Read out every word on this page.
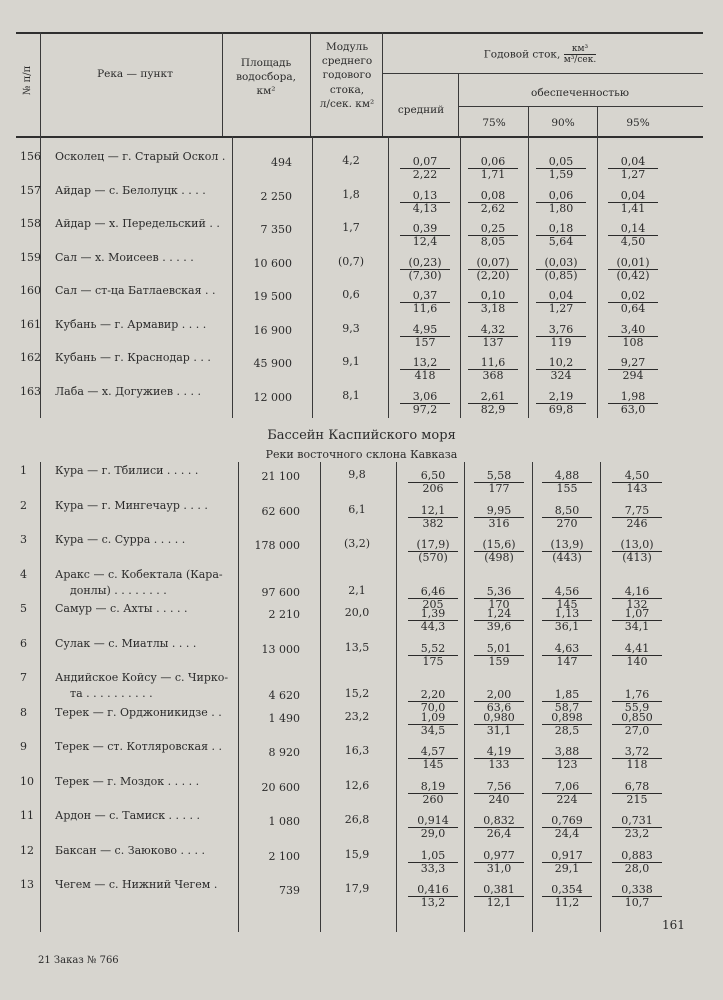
№ п/п	Река — пункт
Площадь
водосбора,
км²
Модуль
среднего
годового
стока,
л/сек. км²
Годовой сток,	км³
м³/сек.
средний
обеспеченностью
75%	90%	95%
156 Осколец — г. Старый Оскол .	494	4,2	$\frac{0,07}{2,22} \frac{0,06}{1,71} \frac{0,05}{1,59} \frac{0,04}{1,27}$
157 Айдар — с. Белолуцк . . . .	2 250	1,8	$\frac{0,13}{4,13} \frac{0,08}{2,62} \frac{0,06}{1,80} \frac{0,04}{1,41}$
158 Айдар — х. Передельский . .	7 350	1,7	$\frac{0,39}{12,4} \frac{0,25}{8,05} \frac{0,18}{5,64} \frac{0,14}{4,50}$
159 Сал — х. Моисеев . . . . .	10 600	(0,7)	$\frac{(0,23)}{(7,30)} \frac{(0,07)}{(2,20)} \frac{(0,03)}{(0,85)} \frac{(0,01)}{(0,42)}$
160 Сал — ст-ца Батлаевская . .	19 500	0,6	$\frac{0,37}{11,6} \frac{0,10}{3,18} \frac{0,04}{1,27} \frac{0,02}{0,64}$
161 Кубань — г. Армавир . . . .	16 900	9,3	$\frac{4,95}{157} \frac{4,32}{137} \frac{3,76}{119} \frac{3,40}{108}$
162 Кубань — г. Краснодар . . .	45 900	9,1	$\frac{13,2}{418} \frac{11,6}{368} \frac{10,2}{324} \frac{9,27}{294}$
163 Лаба — х. Догужиев . . . .	12 000	8,1	$\frac{3,06}{97,2} \frac{2,61}{82,9} \frac{2,19}{69,8} \frac{1,98}{63,0}$
Бассейн Каспийского моря
Реки восточного склона Кавказа
1	Кура — г. Тбилиси . . . . .	21 100	9,8	$\frac{6,50}{206} \frac{5,58}{177} \frac{4,88}{155} \frac{4,50}{143}$
2	Кура — г. Мингечаур . . . .	62 600	6,1	$\frac{12,1}{382} \frac{9,95}{316} \frac{8,50}{270} \frac{7,75}{246}$
3	Кура — с. Сурра . . . . .	178 000	(3,2)	$\frac{(17,9)}{(570)} \frac{(15,6)}{(498)} \frac{(13,9)}{(443)} \frac{(13,0)}{(413)}$
4	Аракс — с. Кобектала (Кара-
донлы) . . . . . . . .	97 600	2,1	$\frac{6,46}{205} \frac{5,36}{170} \frac{4,56}{145} \frac{4,16}{132}$
5	Самур — с. Ахты . . . . .	2 210	20,0	$\frac{1,39}{44,3} \frac{1,24}{39,6} \frac{1,13}{36,1} \frac{1,07}{34,1}$
6	Сулак — с. Миатлы . . . .	13 000	13,5	$\frac{5,52}{175} \frac{5,01}{159} \frac{4,63}{147} \frac{4,41}{140}$
7	Андийское Койсу — с. Чирко-
та . . . . . . . . . .	4 620	15,2	$\frac{2,20}{70,0} \frac{2,00}{63,6} \frac{1,85}{58,7} \frac{1,76}{55,9}$
8	Терек — г. Орджоникидзе . .	1 490	23,2	$\frac{1,09}{34,5} \frac{0,980}{31,1} \frac{0,898}{28,5} \frac{0,850}{27,0}$
9	Терек — ст. Котляровская . .	8 920	16,3	$\frac{4,57}{145} \frac{4,19}{133} \frac{3,88}{123} \frac{3,72}{118}$
10	Терек — г. Моздок . . . . .	20 600	12,6	$\frac{8,19}{260} \frac{7,56}{240} \frac{7,06}{224} \frac{6,78}{215}$
11	Ардон — с. Тамиск . . . . .	1 080	26,8	$\frac{0,914}{29,0} \frac{0,832}{26,4} \frac{0,769}{24,4} \frac{0,731}{23,2}$
12	Баксан — с. Заюково . . . .	2 100	15,9	$\frac{1,05}{33,3} \frac{0,977}{31,0} \frac{0,917}{29,1} \frac{0,883}{28,0}$
13	Чегем — с. Нижний Чегем .	739	17,9	$\frac{0,416}{13,2} \frac{0,381}{12,1} \frac{0,354}{11,2} \frac{0,338}{10,7}$
161
21 Заказ № 766
